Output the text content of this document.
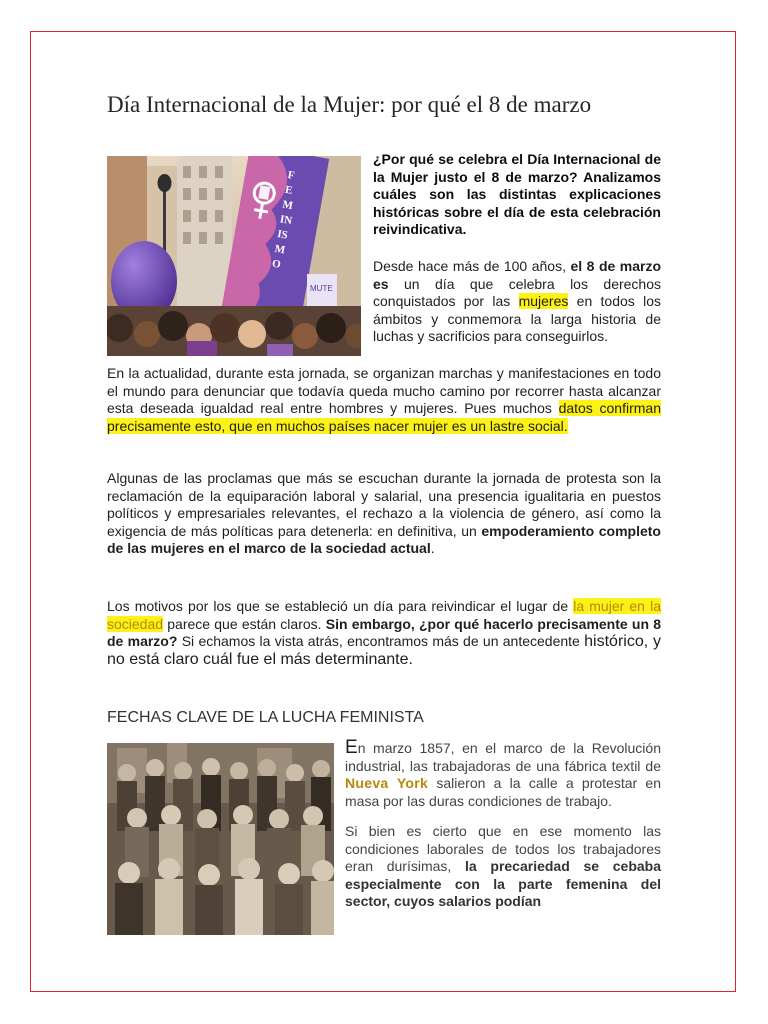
Día Internacional de la Mujer: por qué el 8 de marzo
MUTE
FEMINISMO

¿Por qué se celebra el Día Internacional de la Mujer justo el 8 de marzo? Analizamos cuáles son las distintas explicaciones históricas sobre el día de esta celebración reivindicativa.

Desde hace más de 100 años, el 8 de marzo es un día que celebra los derechos conquistados por las mujeres en todos los ámbitos y conmemora la larga historia de luchas y sacrificios para conseguirlos.

En la actualidad, durante esta jornada, se organizan marchas y manifestaciones en todo el mundo para denunciar que todavía queda mucho camino por recorrer hasta alcanzar esta deseada igualdad real entre hombres y mujeres. Pues muchos datos confirman precisamente esto, que en muchos países nacer mujer es un lastre social.

Algunas de las proclamas que más se escuchan durante la jornada de protesta son la reclamación de la equiparación laboral y salarial, una presencia igualitaria en puestos políticos y empresariales relevantes, el rechazo a la violencia de género, así como la exigencia de más políticas para detenerla: en definitiva, un empoderamiento completo de las mujeres en el marco de la sociedad actual.

Los motivos por los que se estableció un día para reivindicar el lugar de la mujer en la sociedad parece que están claros. Sin embargo, ¿por qué hacerlo precisamente un 8 de marzo? Si echamos la vista atrás, encontramos más de un antecedente histórico, y no está claro cuál fue el más determinante.

FECHAS CLAVE DE LA LUCHA FEMINISTA

En marzo 1857, en el marco de la Revolución industrial, las trabajadoras de una fábrica textil de Nueva York salieron a la calle a protestar en masa por las duras condiciones de trabajo.

Si bien es cierto que en ese momento las condiciones laborales de todos los trabajadores eran durísimas, la precariedad se cebaba especialmente con la parte femenina del sector, cuyos salarios podían
